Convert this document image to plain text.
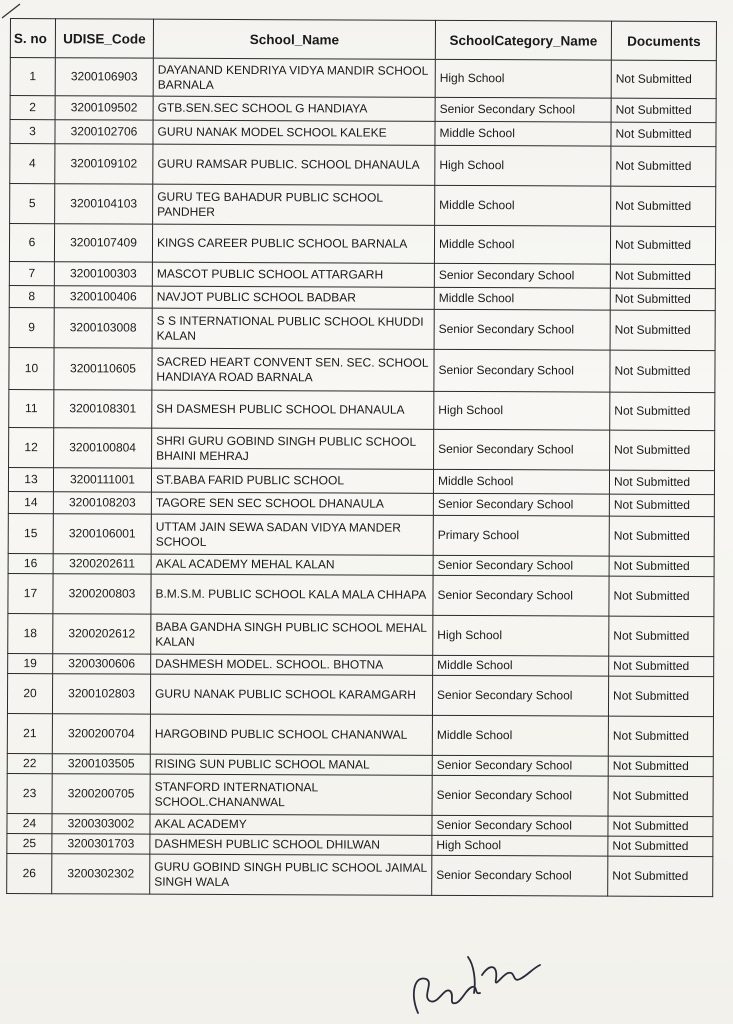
S. no	UDISE_Code	School_Name	SchoolCategory_Name	Documents
1	3200106903	DAYANAND KENDRIYA VIDYA MANDIR SCHOOL BARNALA	High School	Not Submitted
2	3200109502	GTB.SEN.SEC SCHOOL G HANDIAYA	Senior Secondary School	Not Submitted
3	3200102706	GURU NANAK MODEL SCHOOL KALEKE	Middle School	Not Submitted
4	3200109102	GURU RAMSAR PUBLIC. SCHOOL DHANAULA	High School	Not Submitted
5	3200104103	GURU TEG BAHADUR PUBLIC SCHOOL PANDHER	Middle School	Not Submitted
6	3200107409	KINGS CAREER PUBLIC SCHOOL BARNALA	Middle School	Not Submitted
7	3200100303	MASCOT PUBLIC SCHOOL ATTARGARH	Senior Secondary School	Not Submitted
8	3200100406	NAVJOT PUBLIC SCHOOL BADBAR	Middle School	Not Submitted
9	3200103008	S S INTERNATIONAL PUBLIC SCHOOL KHUDDI KALAN	Senior Secondary School	Not Submitted
10	3200110605	SACRED HEART CONVENT SEN. SEC. SCHOOL HANDIAYA ROAD BARNALA	Senior Secondary School	Not Submitted
11	3200108301	SH DASMESH PUBLIC SCHOOL DHANAULA	High School	Not Submitted
12	3200100804	SHRI GURU GOBIND SINGH PUBLIC SCHOOL BHAINI MEHRAJ	Senior Secondary School	Not Submitted
13	3200111001	ST.BABA FARID PUBLIC SCHOOL	Middle School	Not Submitted
14	3200108203	TAGORE SEN SEC SCHOOL DHANAULA	Senior Secondary School	Not Submitted
15	3200106001	UTTAM JAIN SEWA SADAN VIDYA MANDER SCHOOL	Primary School	Not Submitted
16	3200202611	AKAL ACADEMY MEHAL KALAN	Senior Secondary School	Not Submitted
17	3200200803	B.M.S.M. PUBLIC SCHOOL KALA MALA CHHAPA	Senior Secondary School	Not Submitted
18	3200202612	BABA GANDHA SINGH PUBLIC SCHOOL MEHAL KALAN	High School	Not Submitted
19	3200300606	DASHMESH MODEL. SCHOOL. BHOTNA	Middle School	Not Submitted
20	3200102803	GURU NANAK PUBLIC SCHOOL KARAMGARH	Senior Secondary School	Not Submitted
21	3200200704	HARGOBIND PUBLIC SCHOOL CHANANWAL	Middle School	Not Submitted
22	3200103505	RISING SUN PUBLIC SCHOOL MANAL	Senior Secondary School	Not Submitted
23	3200200705	STANFORD INTERNATIONAL SCHOOL.CHANANWAL	Senior Secondary School	Not Submitted
24	3200303002	AKAL ACADEMY	Senior Secondary School	Not Submitted
25	3200301703	DASHMESH PUBLIC SCHOOL DHILWAN	High School	Not Submitted
26	3200302302	GURU GOBIND SINGH PUBLIC SCHOOL JAIMAL SINGH WALA	Senior Secondary School	Not Submitted
